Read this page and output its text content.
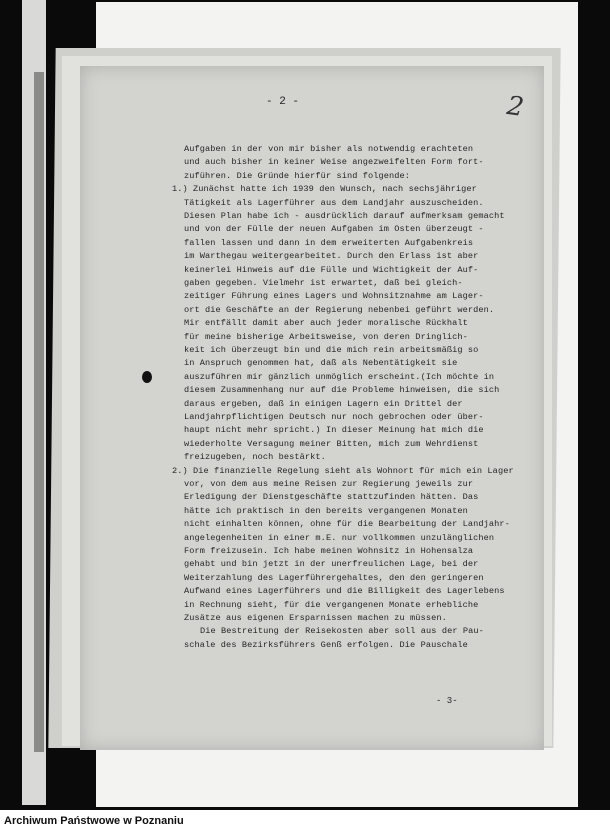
- 2 -	2
Aufgaben in der von mir bisher als notwendig erachteten
und auch bisher in keiner Weise angezweifelten Form fort-
zuführen. Die Gründe hierfür sind folgende:
1.) Zunächst hatte ich 1939 den Wunsch, nach sechsjähriger
Tätigkeit als Lagerführer aus dem Landjahr auszuscheiden.
Diesen Plan habe ich - ausdrücklich darauf aufmerksam gemacht
und von der Fülle der neuen Aufgaben im Osten überzeugt -
fallen lassen und dann in dem erweiterten Aufgabenkreis
im Warthegau weitergearbeitet. Durch den Erlass ist aber
keinerlei Hinweis auf die Fülle und Wichtigkeit der Auf-
gaben gegeben. Vielmehr ist erwartet, daß bei gleich-
zeitiger Führung eines Lagers und Wohnsitznahme am Lager-
ort die Geschäfte an der Regierung nebenbei geführt werden.
Mir entfällt damit aber auch jeder moralische Rückhalt
für meine bisherige Arbeitsweise, von deren Dringlich-
keit ich überzeugt bin und die mich rein arbeitsmäßig so
in Anspruch genommen hat, daß als Nebentätigkeit sie
auszuführen mir gänzlich unmöglich erscheint.(Ich möchte in
diesem Zusammenhang nur auf die Probleme hinweisen, die sich
daraus ergeben, daß in einigen Lagern ein Drittel der
Landjahrpflichtigen Deutsch nur noch gebrochen oder über-
haupt nicht mehr spricht.) In dieser Meinung hat mich die
wiederholte Versagung meiner Bitten, mich zum Wehrdienst
freizugeben, noch bestärkt.
2.) Die finanzielle Regelung sieht als Wohnort für mich ein Lager
vor, von dem aus meine Reisen zur Regierung jeweils zur
Erledigung der Dienstgeschäfte stattzufinden hätten. Das
hätte ich praktisch in den bereits vergangenen Monaten
nicht einhalten können, ohne für die Bearbeitung der Landjahr-
angelegenheiten in einer m.E. nur vollkommen unzulänglichen
Form freizusein. Ich habe meinen Wohnsitz in Hohensalza
gehabt und bin jetzt in der unerfreulichen Lage, bei der
Weiterzahlung des Lagerführergehaltes, den den geringeren
Aufwand eines Lagerführers und die Billigkeit des Lagerlebens
in Rechnung sieht, für die vergangenen Monate erhebliche
Zusätze aus eigenen Ersparnissen machen zu müssen.
Die Bestreitung der Reisekosten aber soll aus der Pau-
schale des Bezirksführers Genß erfolgen. Die Pauschale
- 3-
Archiwum Państwowe w Poznaniu
